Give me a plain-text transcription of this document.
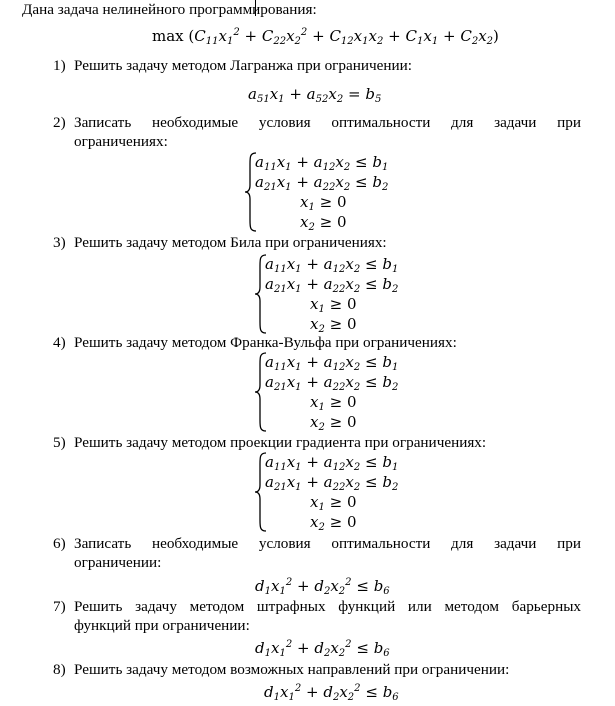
Дана задача нелинейного программирования:
$\max (C_{11}x_1^2 + C_{22}x_2^2 + C_{12}x_1x_2 + C_1x_1 + C_2x_2)$
1) Решить задачу методом Лагранжа при ограничении:
$a_{51}x_1 + a_{52}x_2 = b_5$
2) Записать необходимые условия оптимальности для задачи при
ограничениях:
$a_{11}x_1 + a_{12}x_2 \le b_1$
$a_{21}x_1 + a_{22}x_2 \le b_2$
$x_1 \ge 0$
$x_2 \ge 0$
3) Решить задачу методом Била при ограничениях:
$a_{11}x_1 + a_{12}x_2 \le b_1$
$a_{21}x_1 + a_{22}x_2 \le b_2$
$x_1 \ge 0$
$x_2 \ge 0$
4) Решить задачу методом Франка-Вульфа при ограничениях:
$a_{11}x_1 + a_{12}x_2 \le b_1$
$a_{21}x_1 + a_{22}x_2 \le b_2$
$x_1 \ge 0$
$x_2 \ge 0$
5) Решить задачу методом проекции градиента при ограничениях:
$a_{11}x_1 + a_{12}x_2 \le b_1$
$a_{21}x_1 + a_{22}x_2 \le b_2$
$x_1 \ge 0$
$x_2 \ge 0$
6) Записать необходимые условия оптимальности для задачи при
ограничении:
$d_1x_1^2 + d_2x_2^2 \le b_6$
7) Решить задачу методом штрафных функций или методом барьерных
функций при ограничении:
$d_1x_1^2 + d_2x_2^2 \le b_6$
8) Решить задачу методом возможных направлений при ограничении:
$d_1x_1^2 + d_2x_2^2 \le b_6$
